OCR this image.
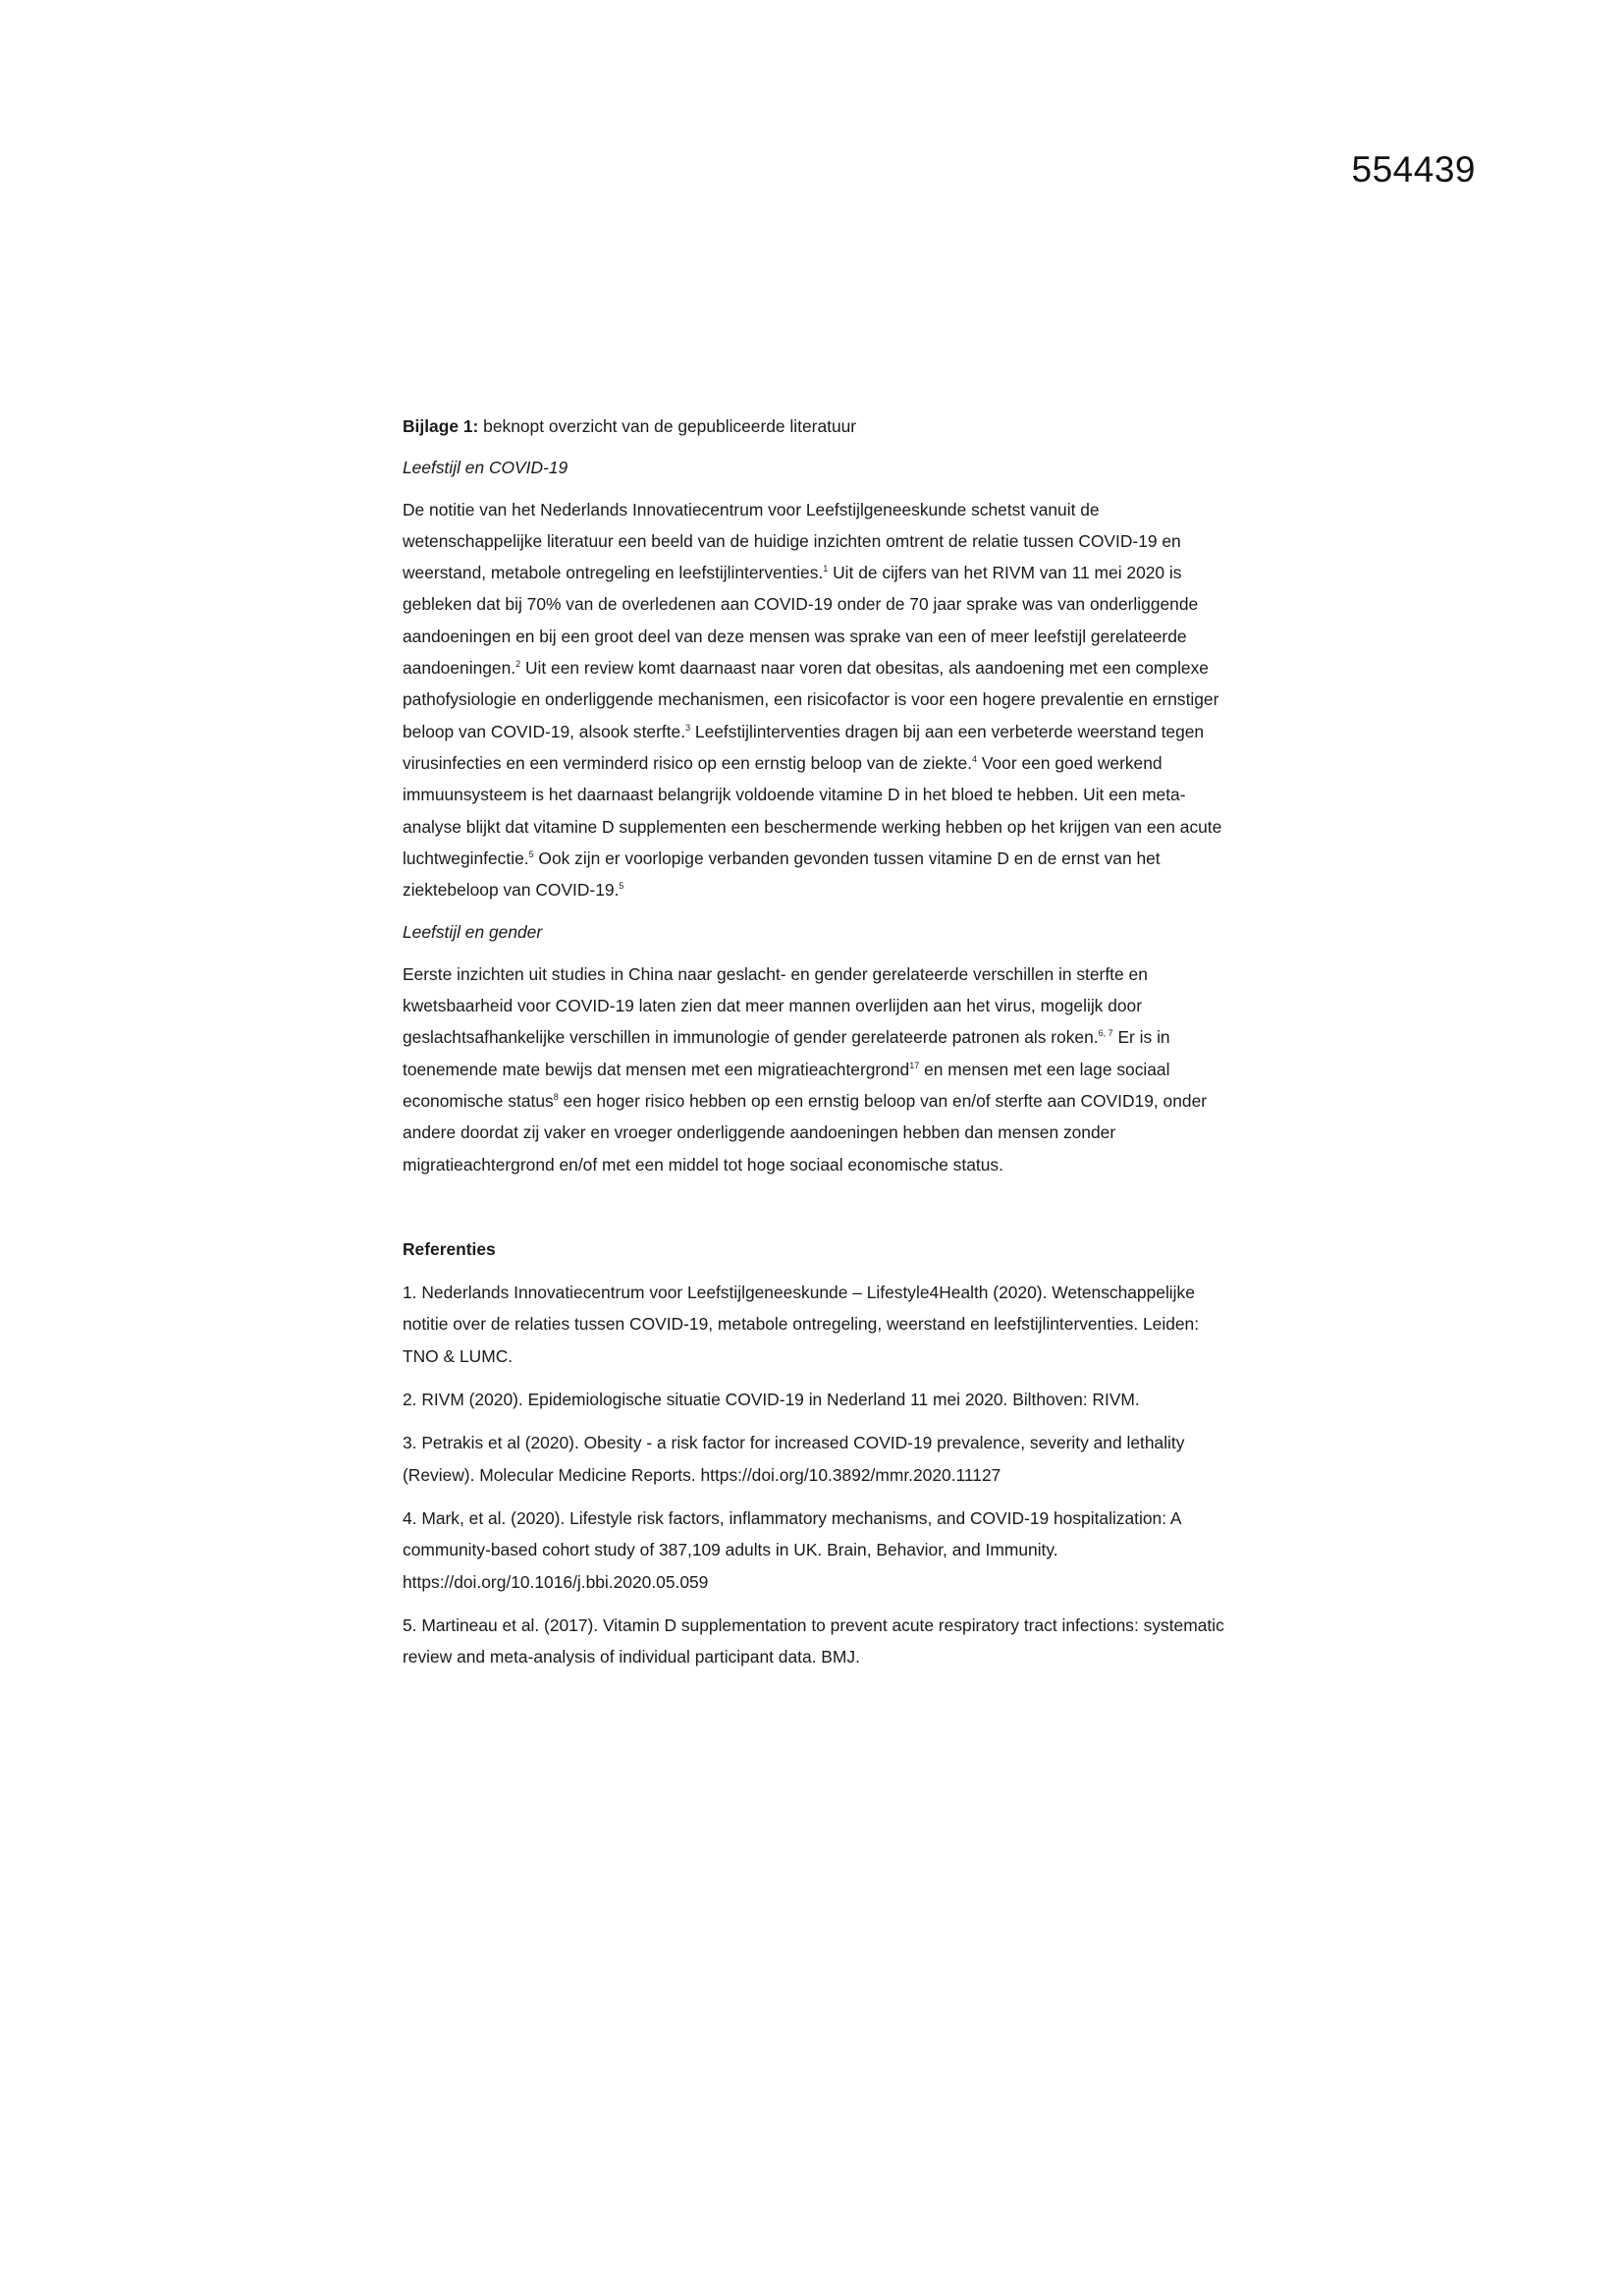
554439

Bijlage 1: beknopt overzicht van de gepubliceerde literatuur

Leefstijl en COVID-19

De notitie van het Nederlands Innovatiecentrum voor Leefstijlgeneeskunde schetst vanuit de wetenschappelijke literatuur een beeld van de huidige inzichten omtrent de relatie tussen COVID-19 en weerstand, metabole ontregeling en leefstijlinterventies.$^1$ Uit de cijfers van het RIVM van 11 mei 2020 is gebleken dat bij 70% van de overledenen aan COVID-19 onder de 70 jaar sprake was van onderliggende aandoeningen en bij een groot deel van deze mensen was sprake van een of meer leefstijl gerelateerde aandoeningen.$^2$ Uit een review komt daarnaast naar voren dat obesitas, als aandoening met een complexe pathofysiologie en onderliggende mechanismen, een risicofactor is voor een hogere prevalentie en ernstiger beloop van COVID-19, alsook sterfte.$^3$ Leefstijlinterventies dragen bij aan een verbeterde weerstand tegen virusinfecties en een verminderd risico op een ernstig beloop van de ziekte.$^4$ Voor een goed werkend immuunsysteem is het daarnaast belangrijk voldoende vitamine D in het bloed te hebben. Uit een meta-analyse blijkt dat vitamine D supplementen een beschermende werking hebben op het krijgen van een acute luchtweginfectie.$^5$ Ook zijn er voorlopige verbanden gevonden tussen vitamine D en de ernst van het ziektebeloop van COVID-19.$^5$

Leefstijl en gender

Eerste inzichten uit studies in China naar geslacht- en gender gerelateerde verschillen in sterfte en kwetsbaarheid voor COVID-19 laten zien dat meer mannen overlijden aan het virus, mogelijk door geslachtsafhankelijke verschillen in immunologie of gender gerelateerde patronen als roken.$^{6, 7}$ Er is in toenemende mate bewijs dat mensen met een migratieachtergrond$^{17}$ en mensen met een lage sociaal economische status$^8$ een hoger risico hebben op een ernstig beloop van en/of sterfte aan COVID19, onder andere doordat zij vaker en vroeger onderliggende aandoeningen hebben dan mensen zonder migratieachtergrond en/of met een middel tot hoge sociaal economische status.

Referenties

1. Nederlands Innovatiecentrum voor Leefstijlgeneeskunde – Lifestyle4Health (2020). Wetenschappelijke notitie over de relaties tussen COVID-19, metabole ontregeling, weerstand en leefstijlinterventies. Leiden: TNO & LUMC.

2. RIVM (2020). Epidemiologische situatie COVID-19 in Nederland 11 mei 2020. Bilthoven: RIVM.

3. Petrakis et al (2020). Obesity - a risk factor for increased COVID-19 prevalence, severity and lethality (Review). Molecular Medicine Reports. https://doi.org/10.3892/mmr.2020.11127

4. Mark, et al. (2020). Lifestyle risk factors, inflammatory mechanisms, and COVID-19 hospitalization: A community-based cohort study of 387,109 adults in UK. Brain, Behavior, and Immunity. https://doi.org/10.1016/j.bbi.2020.05.059

5. Martineau et al. (2017). Vitamin D supplementation to prevent acute respiratory tract infections: systematic review and meta-analysis of individual participant data. BMJ.
